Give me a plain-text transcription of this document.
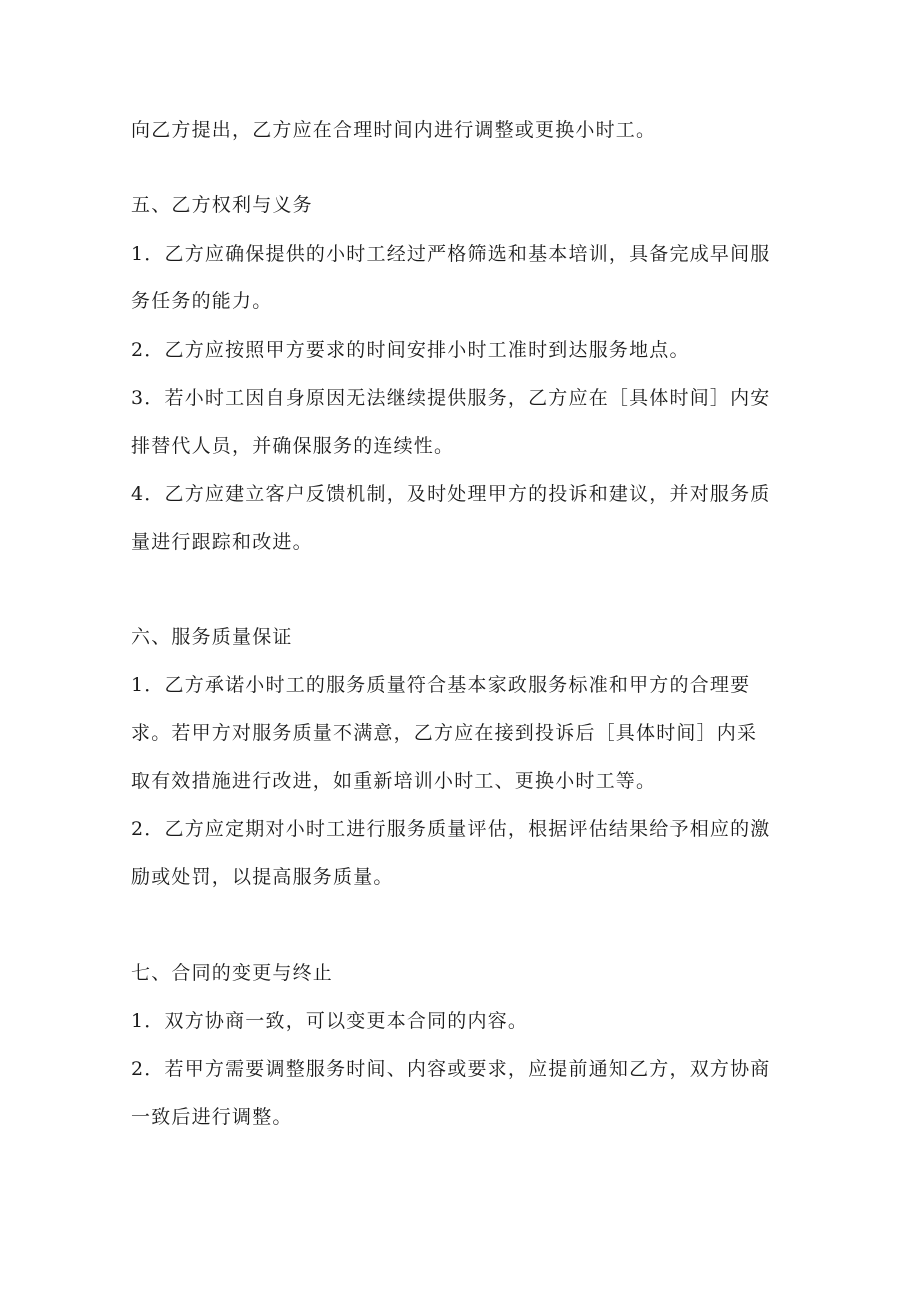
向乙方提出，乙方应在合理时间内进行调整或更换小时工。
五、乙方权利与义务
1．乙方应确保提供的小时工经过严格筛选和基本培训，具备完成早间服
务任务的能力。
2．乙方应按照甲方要求的时间安排小时工准时到达服务地点。
3．若小时工因自身原因无法继续提供服务，乙方应在［具体时间］内安
排替代人员，并确保服务的连续性。
4．乙方应建立客户反馈机制，及时处理甲方的投诉和建议，并对服务质
量进行跟踪和改进。
六、服务质量保证
1．乙方承诺小时工的服务质量符合基本家政服务标准和甲方的合理要
求。若甲方对服务质量不满意，乙方应在接到投诉后［具体时间］内采
取有效措施进行改进，如重新培训小时工、更换小时工等。
2．乙方应定期对小时工进行服务质量评估，根据评估结果给予相应的激
励或处罚，以提高服务质量。
七、合同的变更与终止
1．双方协商一致，可以变更本合同的内容。
2．若甲方需要调整服务时间、内容或要求，应提前通知乙方，双方协商
一致后进行调整。
